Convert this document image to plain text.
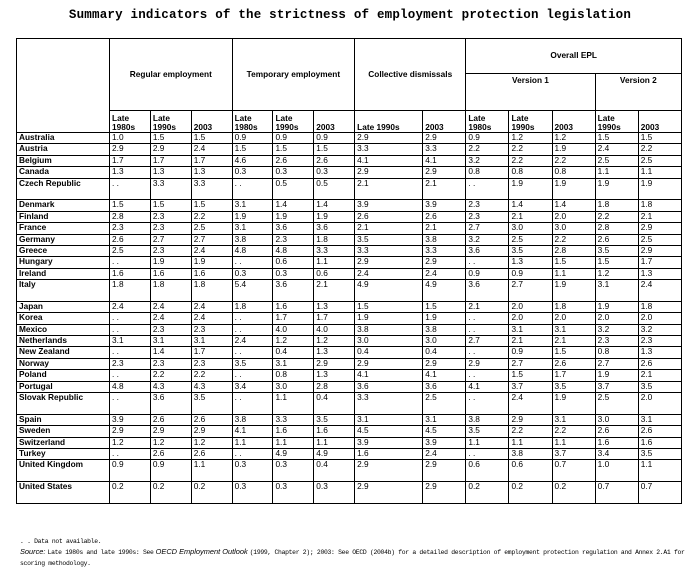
Summary indicators of the strictness of employment protection legislation
	Regular employment			Temporary employment			Collective dismissals		Overall EPL				
									Version 1			Version 2	
	Late 1980s	Late 1990s	2003	Late 1980s	Late 1990s	2003	Late 1990s	2003	Late 1980s	Late 1990s	2003	Late 1990s	2003
Australia	1.0	1.5	1.5	0.9	0.9	0.9	2.9	2.9	0.9	1.2	1.2	1.5	1.5
Austria	2.9	2.9	2.4	1.5	1.5	1.5	3.3	3.3	2.2	2.2	1.9	2.4	2.2
Belgium	1.7	1.7	1.7	4.6	2.6	2.6	4.1	4.1	3.2	2.2	2.2	2.5	2.5
Canada	1.3	1.3	1.3	0.3	0.3	0.3	2.9	2.9	0.8	0.8	0.8	1.1	1.1
Czech Republic	. .	3.3	3.3	. .	0.5	0.5	2.1	2.1	. .	1.9	1.9	1.9	1.9
Denmark	1.5	1.5	1.5	3.1	1.4	1.4	3.9	3.9	2.3	1.4	1.4	1.8	1.8
Finland	2.8	2.3	2.2	1.9	1.9	1.9	2.6	2.6	2.3	2.1	2.0	2.2	2.1
France	2.3	2.3	2.5	3.1	3.6	3.6	2.1	2.1	2.7	3.0	3.0	2.8	2.9
Germany	2.6	2.7	2.7	3.8	2.3	1.8	3.5	3.8	3.2	2.5	2.2	2.6	2.5
Greece	2.5	2.3	2.4	4.8	4.8	3.3	3.3	3.3	3.6	3.5	2.8	3.5	2.9
Hungary	. .	1.9	1.9	. .	0.6	1.1	2.9	2.9	. .	1.3	1.5	1.5	1.7
Ireland	1.6	1.6	1.6	0.3	0.3	0.6	2.4	2.4	0.9	0.9	1.1	1.2	1.3
Italy	1.8	1.8	1.8	5.4	3.6	2.1	4.9	4.9	3.6	2.7	1.9	3.1	2.4
Japan	2.4	2.4	2.4	1.8	1.6	1.3	1.5	1.5	2.1	2.0	1.8	1.9	1.8
Korea	. .	2.4	2.4	. .	1.7	1.7	1.9	1.9	. .	2.0	2.0	2.0	2.0
Mexico	. .	2.3	2.3	. .	4.0	4.0	3.8	3.8	. .	3.1	3.1	3.2	3.2
Netherlands	3.1	3.1	3.1	2.4	1.2	1.2	3.0	3.0	2.7	2.1	2.1	2.3	2.3
New Zealand	. .	1.4	1.7	. .	0.4	1.3	0.4	0.4	. .	0.9	1.5	0.8	1.3
Norway	2.3	2.3	2.3	3.5	3.1	2.9	2.9	2.9	2.9	2.7	2.6	2.7	2.6
Poland	. .	2.2	2.2	. .	0.8	1.3	4.1	4.1	. .	1.5	1.7	1.9	2.1
Portugal	4.8	4.3	4.3	3.4	3.0	2.8	3.6	3.6	4.1	3.7	3.5	3.7	3.5
Slovak Republic	. .	3.6	3.5	. .	1.1	0.4	3.3	2.5	. .	2.4	1.9	2.5	2.0
Spain	3.9	2.6	2.6	3.8	3.3	3.5	3.1	3.1	3.8	2.9	3.1	3.0	3.1
Sweden	2.9	2.9	2.9	4.1	1.6	1.6	4.5	4.5	3.5	2.2	2.2	2.6	2.6
Switzerland	1.2	1.2	1.2	1.1	1.1	1.1	3.9	3.9	1.1	1.1	1.1	1.6	1.6
Turkey	. .	2.6	2.6	. .	4.9	4.9	1.6	2.4	. .	3.8	3.7	3.4	3.5
United Kingdom	0.9	0.9	1.1	0.3	0.3	0.4	2.9	2.9	0.6	0.6	0.7	1.0	1.1
United States	0.2	0.2	0.2	0.3	0.3	0.3	2.9	2.9	0.2	0.2	0.2	0.7	0.7
. . Data not available.
Source: Late 1980s and late 1990s: See OECD Employment Outlook (1999, Chapter 2); 2003: See OECD (2004b) for a detailed description of employment protection regulation and Annex 2.A1 for scoring methodology.
